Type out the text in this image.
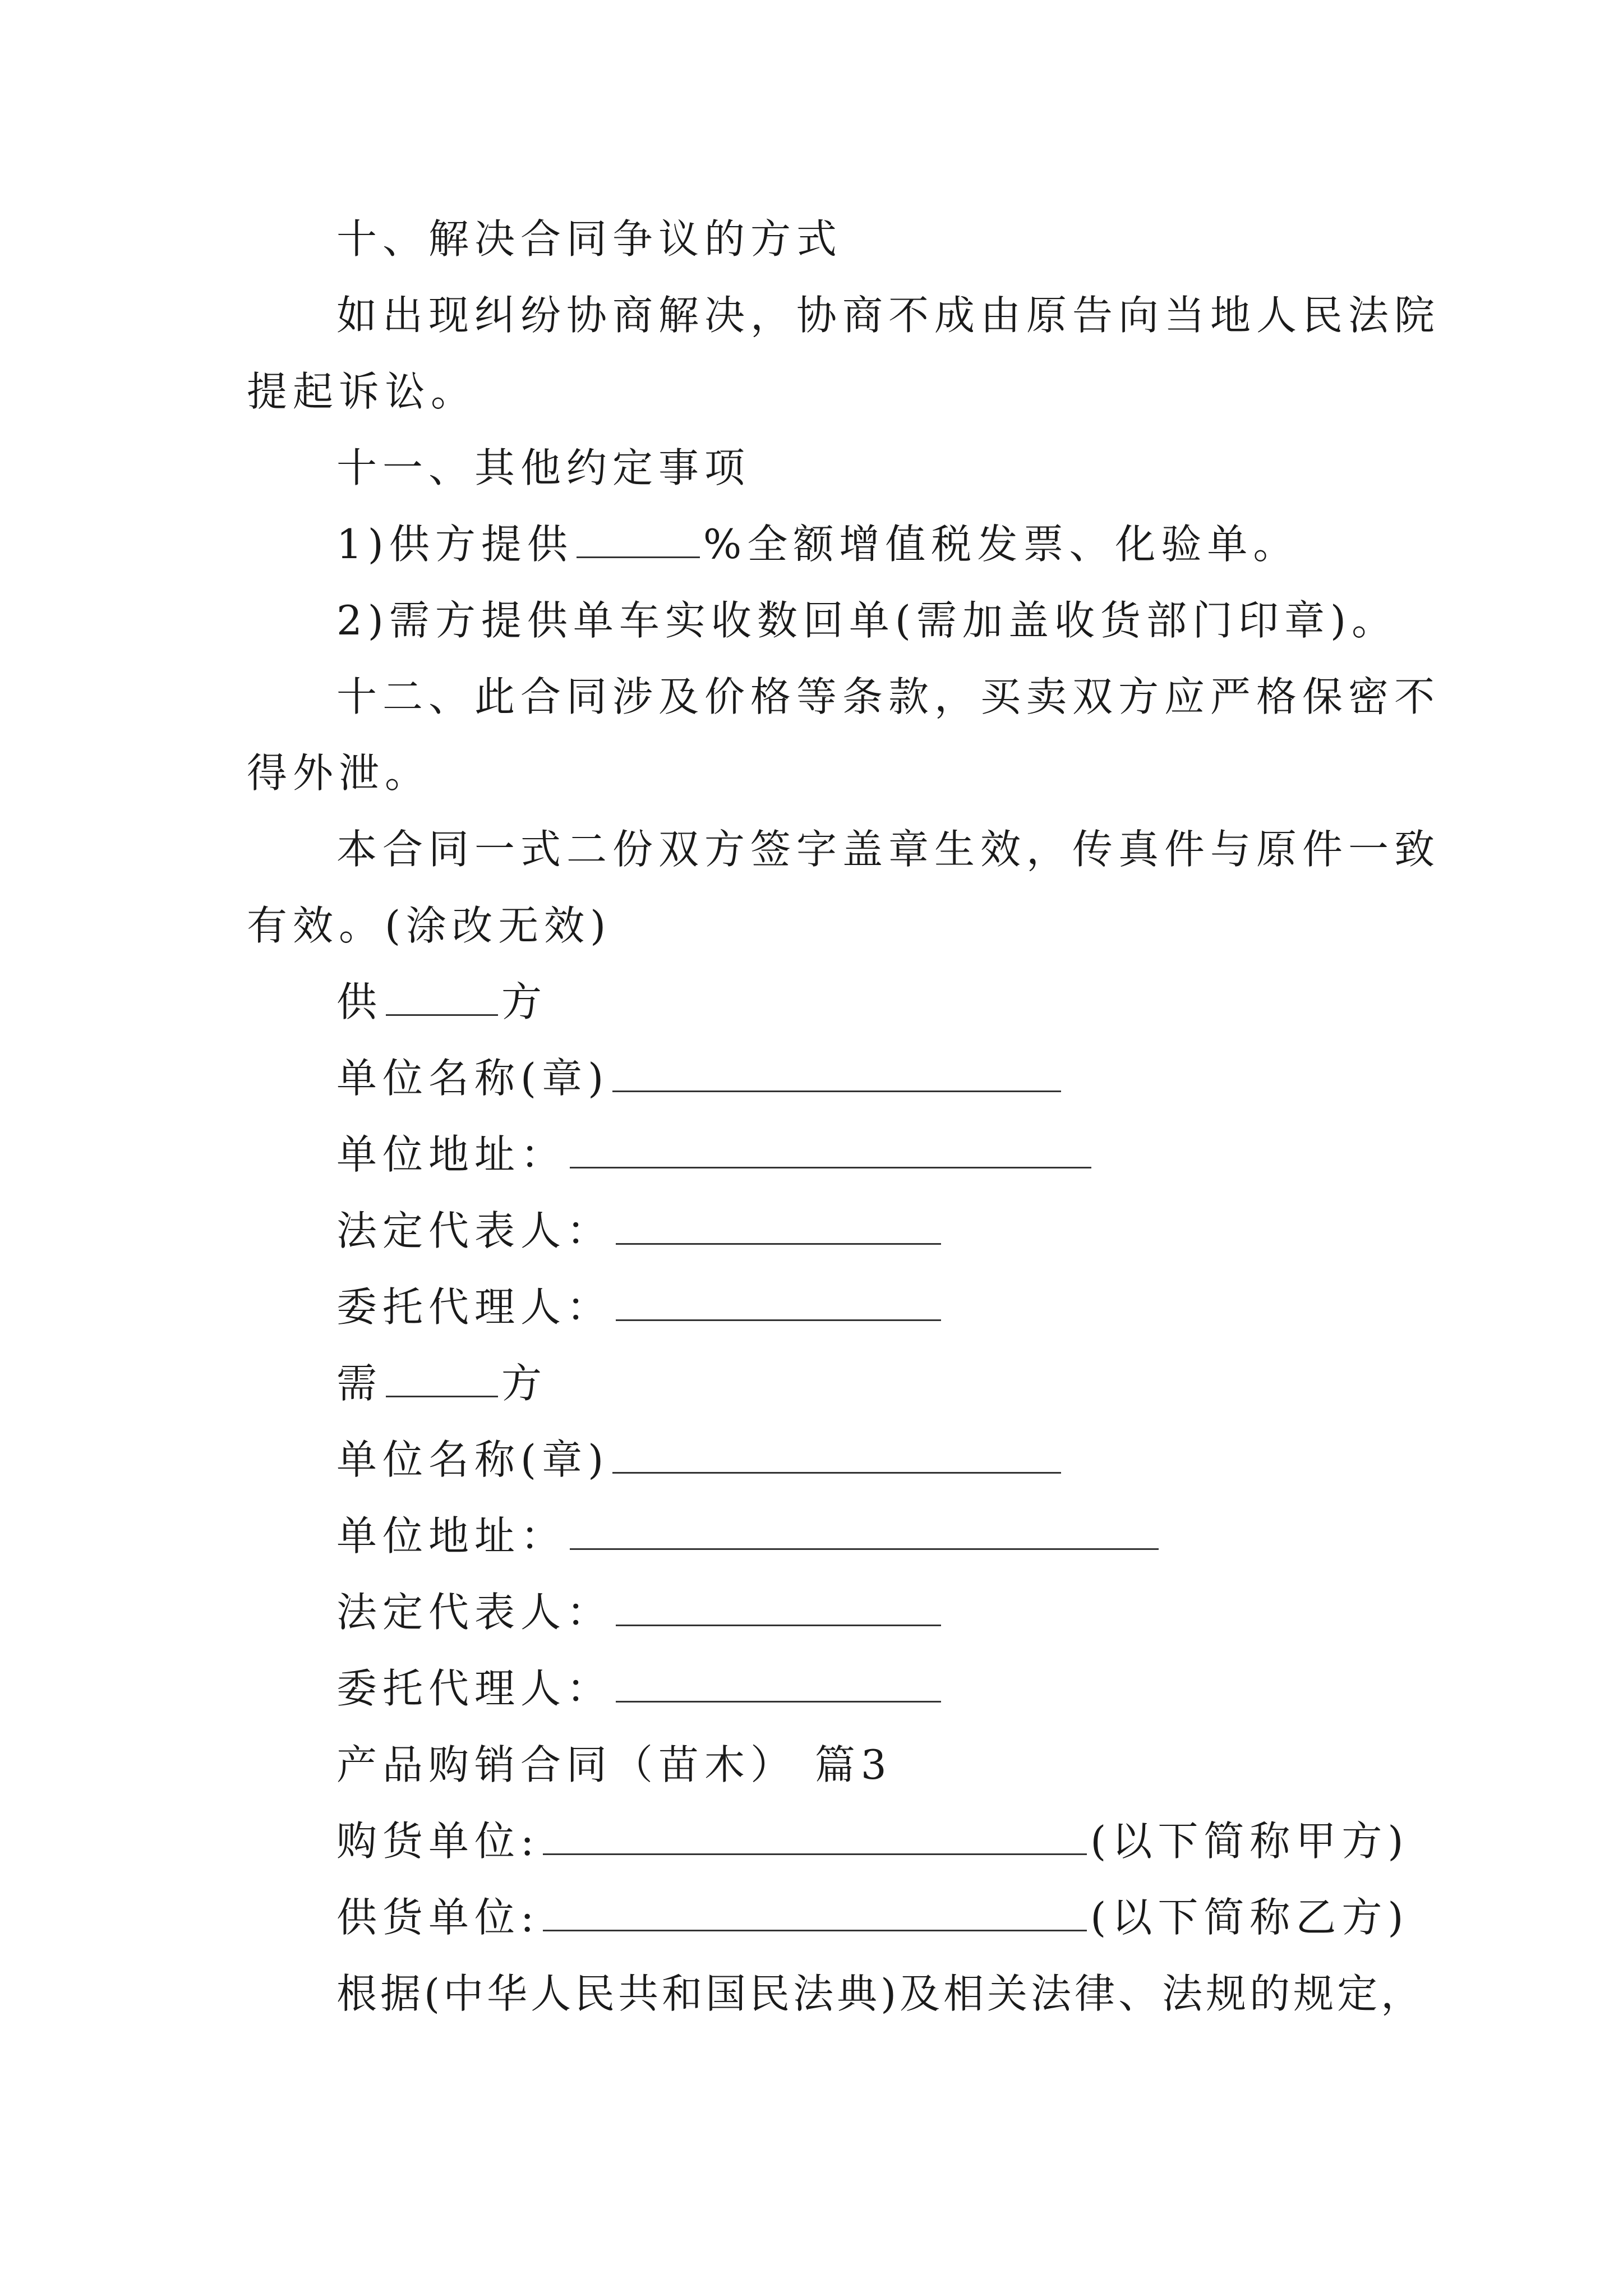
十、解决合同争议的方式
如出现纠纷协商解决，协商不成由原告向当地人民法院
提起诉讼。
十一、其他约定事项
1)供方提供	%全额增值税发票、化验单。
2)需方提供单车实收数回单(需加盖收货部门印章)。
十二、此合同涉及价格等条款，买卖双方应严格保密不
得外泄。
本合同一式二份双方签字盖章生效，传真件与原件一致
有效。(涂改无效)
供	方
单位名称(章)
单位地址：
法定代表人：
委托代理人：
需	方
单位名称(章)
单位地址：
法定代表人：
委托代理人：
产品购销合同（苗木） 篇3
购货单位:	(以下简称甲方)
供货单位:	(以下简称乙方)
根据(中华人民共和国民法典)及相关法律、法规的规定，
